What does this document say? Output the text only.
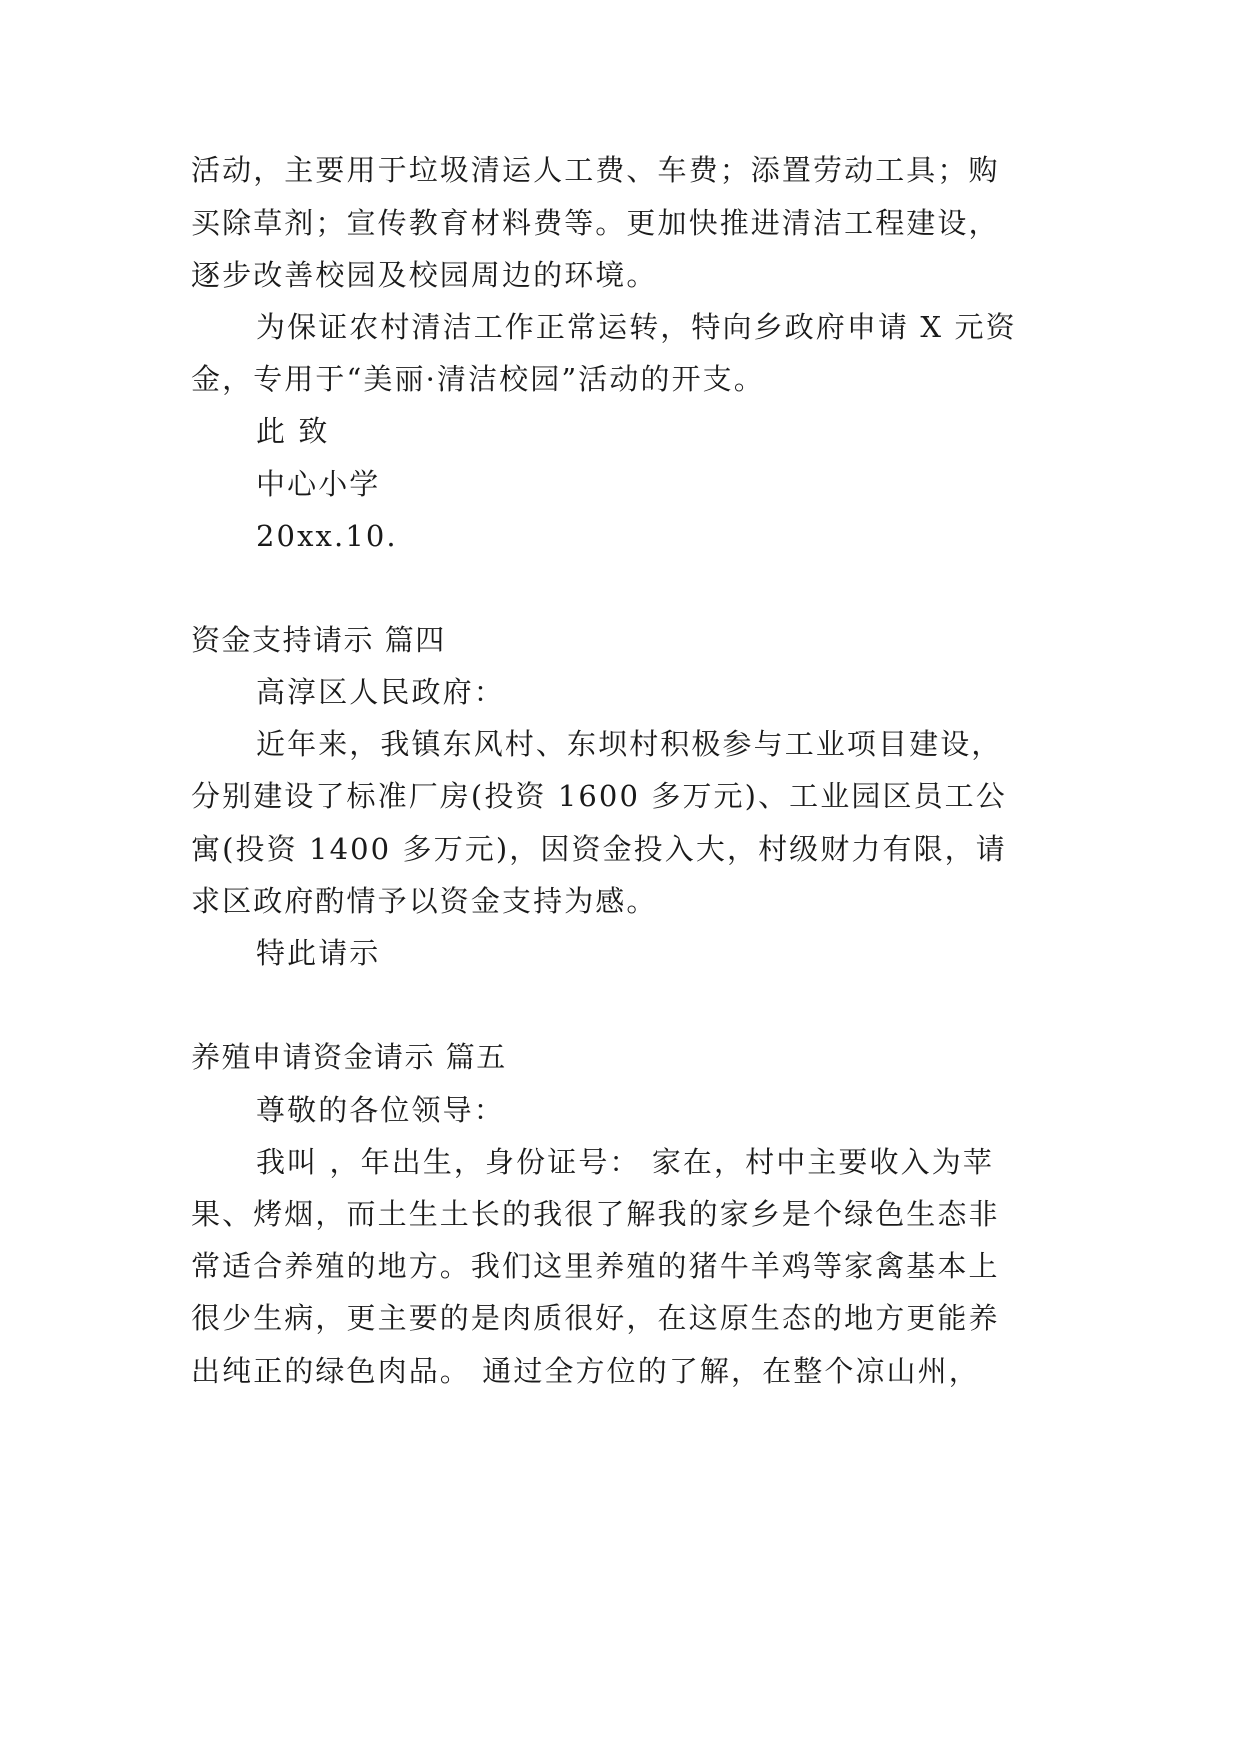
活动，主要用于垃圾清运人工费、车费；添置劳动工具；购
买除草剂；宣传教育材料费等。更加快推进清洁工程建设，
逐步改善校园及校园周边的环境。
为保证农村清洁工作正常运转，特向乡政府申请 X 元资
金，专用于“美丽·清洁校园”活动的开支。
此 致
中心小学
20xx.10.
资金支持请示 篇四
高淳区人民政府：
近年来，我镇东风村、东坝村积极参与工业项目建设，
分别建设了标准厂房(投资 1600 多万元)、工业园区员工公
寓(投资 1400 多万元)，因资金投入大，村级财力有限，请
求区政府酌情予以资金支持为感。
特此请示
养殖申请资金请示 篇五
尊敬的各位领导：
我叫 ，年出生，身份证号： 家在，村中主要收入为苹
果、烤烟，而土生土长的我很了解我的家乡是个绿色生态非
常适合养殖的地方。我们这里养殖的猪牛羊鸡等家禽基本上
很少生病，更主要的是肉质很好，在这原生态的地方更能养
出纯正的绿色肉品。 通过全方位的了解，在整个凉山州，
